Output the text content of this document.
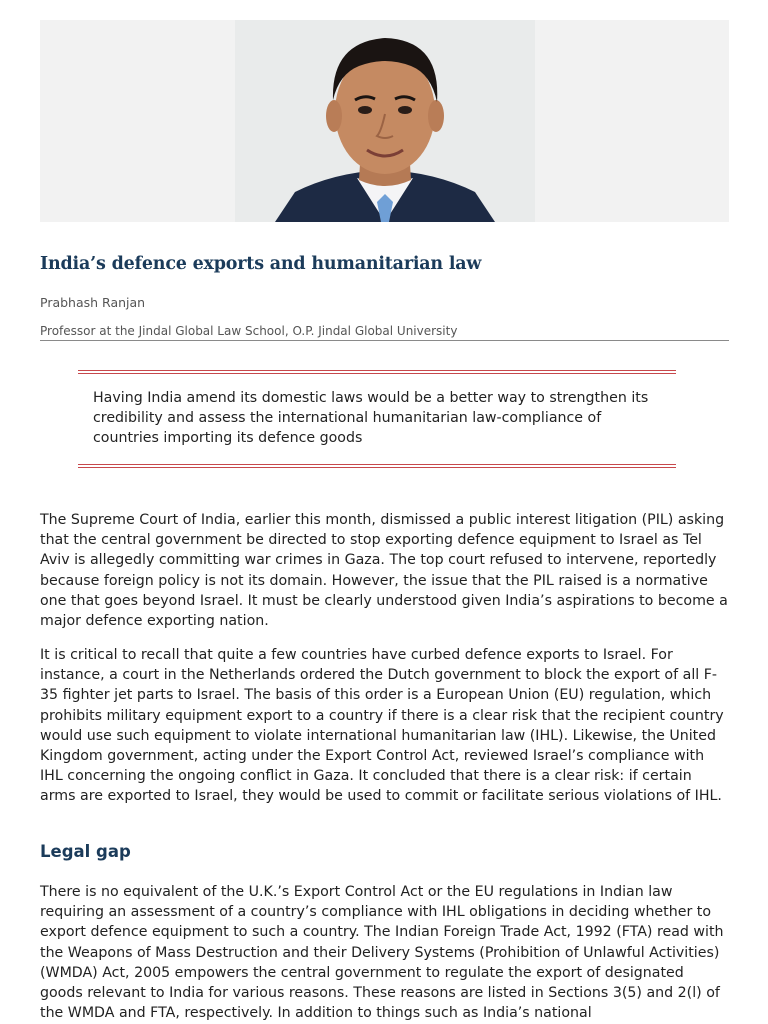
India’s defence exports and humanitarian law
Prabhash Ranjan
Professor at the Jindal Global Law School, O.P. Jindal Global University
Having India amend its domestic laws would be a better way to strengthen its credibility and assess the international humanitarian law-compliance of countries importing its defence goods

The Supreme Court of India, earlier this month, dismissed a public interest litigation (PIL) asking that the central government be directed to stop exporting defence equipment to Israel as Tel Aviv is allegedly committing war crimes in Gaza. The top court refused to intervene, reportedly because foreign policy is not its domain. However, the issue that the PIL raised is a normative one that goes beyond Israel. It must be clearly understood given India’s aspirations to become a major defence exporting nation.

It is critical to recall that quite a few countries have curbed defence exports to Israel. For instance, a court in the Netherlands ordered the Dutch government to block the export of all F-35 fighter jet parts to Israel. The basis of this order is a European Union (EU) regulation, which prohibits military equipment export to a country if there is a clear risk that the recipient country would use such equipment to violate international humanitarian law (IHL). Likewise, the United Kingdom government, acting under the Export Control Act, reviewed Israel’s compliance with IHL concerning the ongoing conflict in Gaza. It concluded that there is a clear risk: if certain arms are exported to Israel, they would be used to commit or facilitate serious violations of IHL.

Legal gap

There is no equivalent of the U.K.’s Export Control Act or the EU regulations in Indian law requiring an assessment of a country’s compliance with IHL obligations in deciding whether to export defence equipment to such a country. The Indian Foreign Trade Act, 1992 (FTA) read with the Weapons of Mass Destruction and their Delivery Systems (Prohibition of Unlawful Activities) (WMDA) Act, 2005 empowers the central government to regulate the export of designated goods relevant to India for various reasons. These reasons are listed in Sections 3(5) and 2(l) of the WMDA and FTA, respectively. In addition to things such as India’s national
